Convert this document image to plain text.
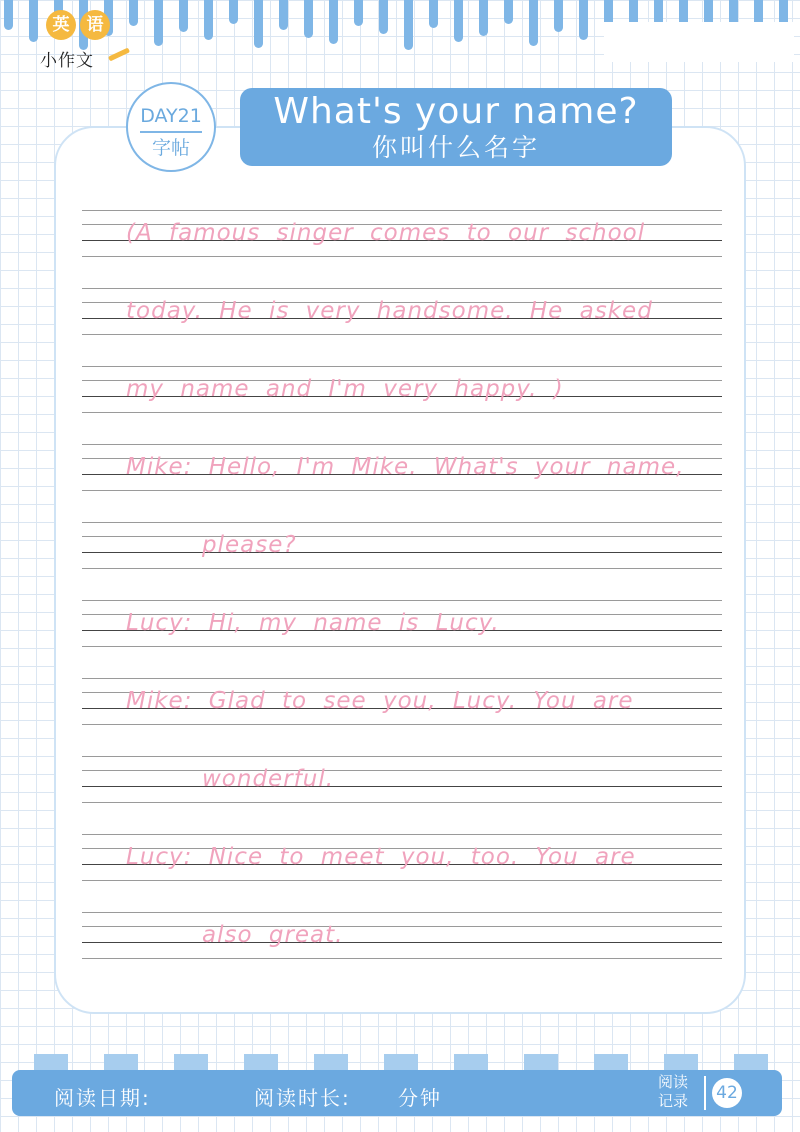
英	语
小作文
DAY21
字帖
What's your name?
你叫什么名字
(A famous singer comes to our school
today. He is very handsome. He asked
my name and I'm very happy. )
Mike: Hello, I'm Mike. What's your name,
please?
Lucy: Hi, my name is Lucy.
Mike: Glad to see you, Lucy. You are
wonderful.
Lucy: Nice to meet you, too. You are
also great.
阅读日期:	阅读时长: 分钟
阅读
记录 42
